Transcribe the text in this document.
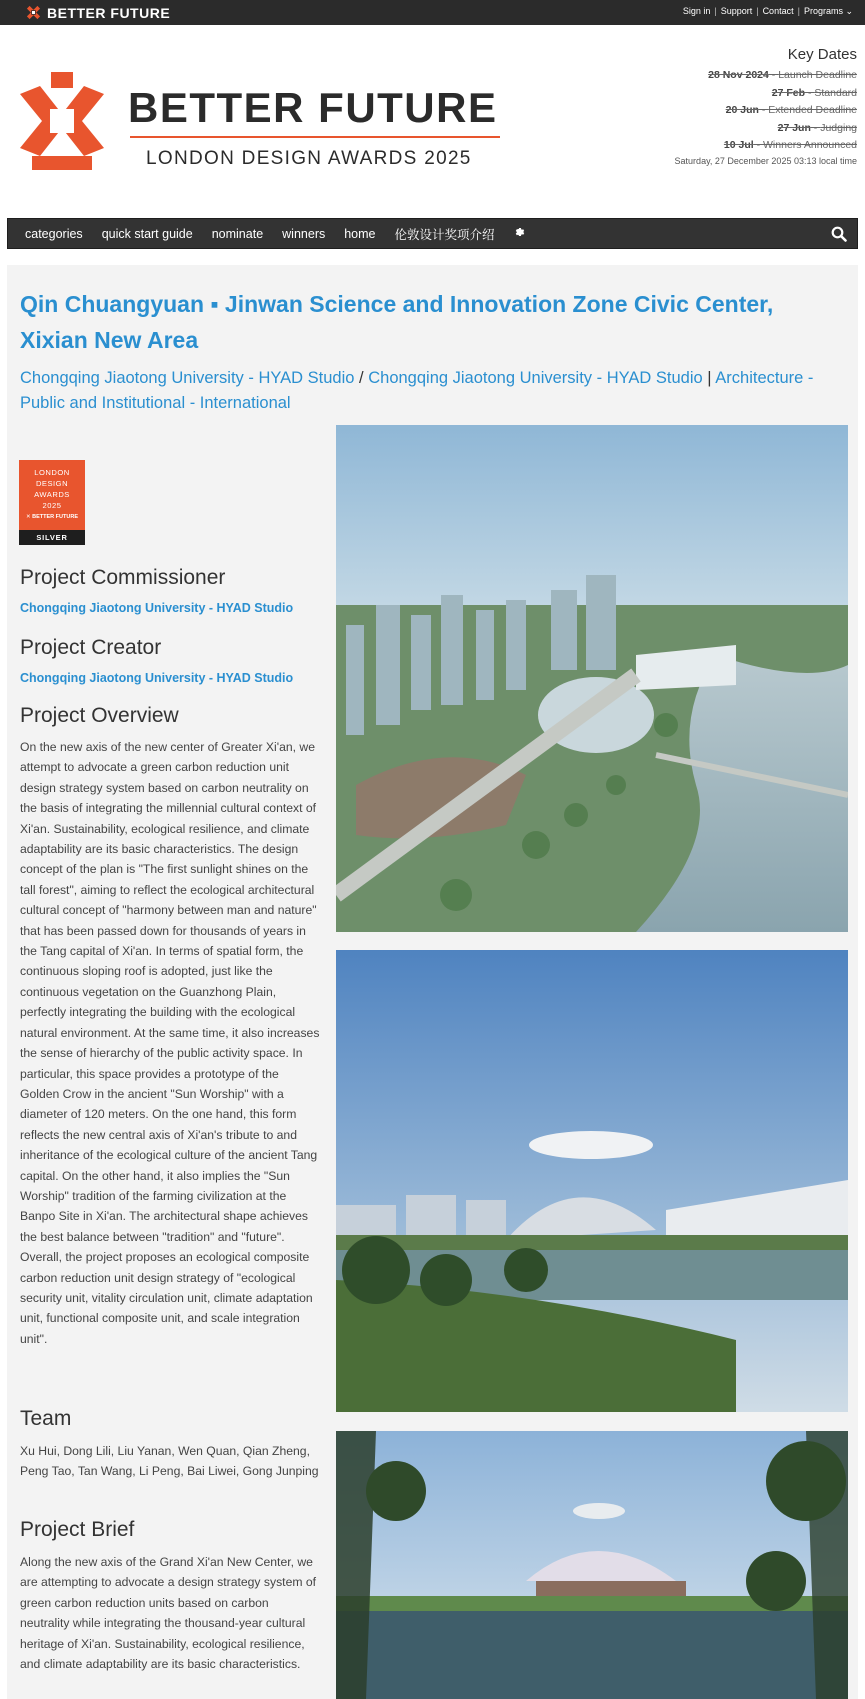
BETTER FUTURE	Sign in | Support | Contact | Programs ⌄
BETTER FUTURE
LONDON DESIGN AWARDS 2025
Key Dates
28 Nov 2024 - Launch Deadline
27 Feb - Standard
20 Jun - Extended Deadline
27 Jun - Judging
10 Jul - Winners Announced
Saturday, 27 December 2025 03:13 local time
categories quick start guide nominate winners home 伦敦设计奖项介绍
Qin Chuangyuan ▪ Jinwan Science and Innovation Zone Civic Center, Xixian New Area
Chongqing Jiaotong University - HYAD Studio / Chongqing Jiaotong University - HYAD Studio | Architecture - Public and Institutional - International
LONDON
DESIGN
AWARDS
2025
✕ BETTER FUTURE
SILVER
Project Commissioner
Chongqing Jiaotong University - HYAD Studio
Project Creator
Chongqing Jiaotong University - HYAD Studio
Project Overview

On the new axis of the new center of Greater Xi'an, we attempt to advocate a green carbon reduction unit design strategy system based on carbon neutrality on the basis of integrating the millennial cultural context of Xi'an. Sustainability, ecological resilience, and climate adaptability are its basic characteristics. The design concept of the plan is "The first sunlight shines on the tall forest", aiming to reflect the ecological architectural cultural concept of "harmony between man and nature" that has been passed down for thousands of years in the Tang capital of Xi'an. In terms of spatial form, the continuous sloping roof is adopted, just like the continuous vegetation on the Guanzhong Plain, perfectly integrating the building with the ecological natural environment. At the same time, it also increases the sense of hierarchy of the public activity space. In particular, this space provides a prototype of the Golden Crow in the ancient "Sun Worship" with a diameter of 120 meters. On the one hand, this form reflects the new central axis of Xi'an's tribute to and inheritance of the ecological culture of the ancient Tang capital. On the other hand, it also implies the "Sun Worship" tradition of the farming civilization at the Banpo Site in Xi'an. The architectural shape achieves the best balance between "tradition" and "future". Overall, the project proposes an ecological composite carbon reduction unit design strategy of "ecological security unit, vitality circulation unit, climate adaptation unit, functional composite unit, and scale integration unit".

Team

Xu Hui, Dong Lili, Liu Yanan, Wen Quan, Qian Zheng, Peng Tao, Tan Wang, Li Peng, Bai Liwei, Gong Junping

Project Brief

Along the new axis of the Grand Xi'an New Center, we are attempting to advocate a design strategy system of green carbon reduction units based on carbon neutrality while integrating the thousand-year cultural heritage of Xi'an. Sustainability, ecological resilience, and climate adaptability are its basic characteristics.
